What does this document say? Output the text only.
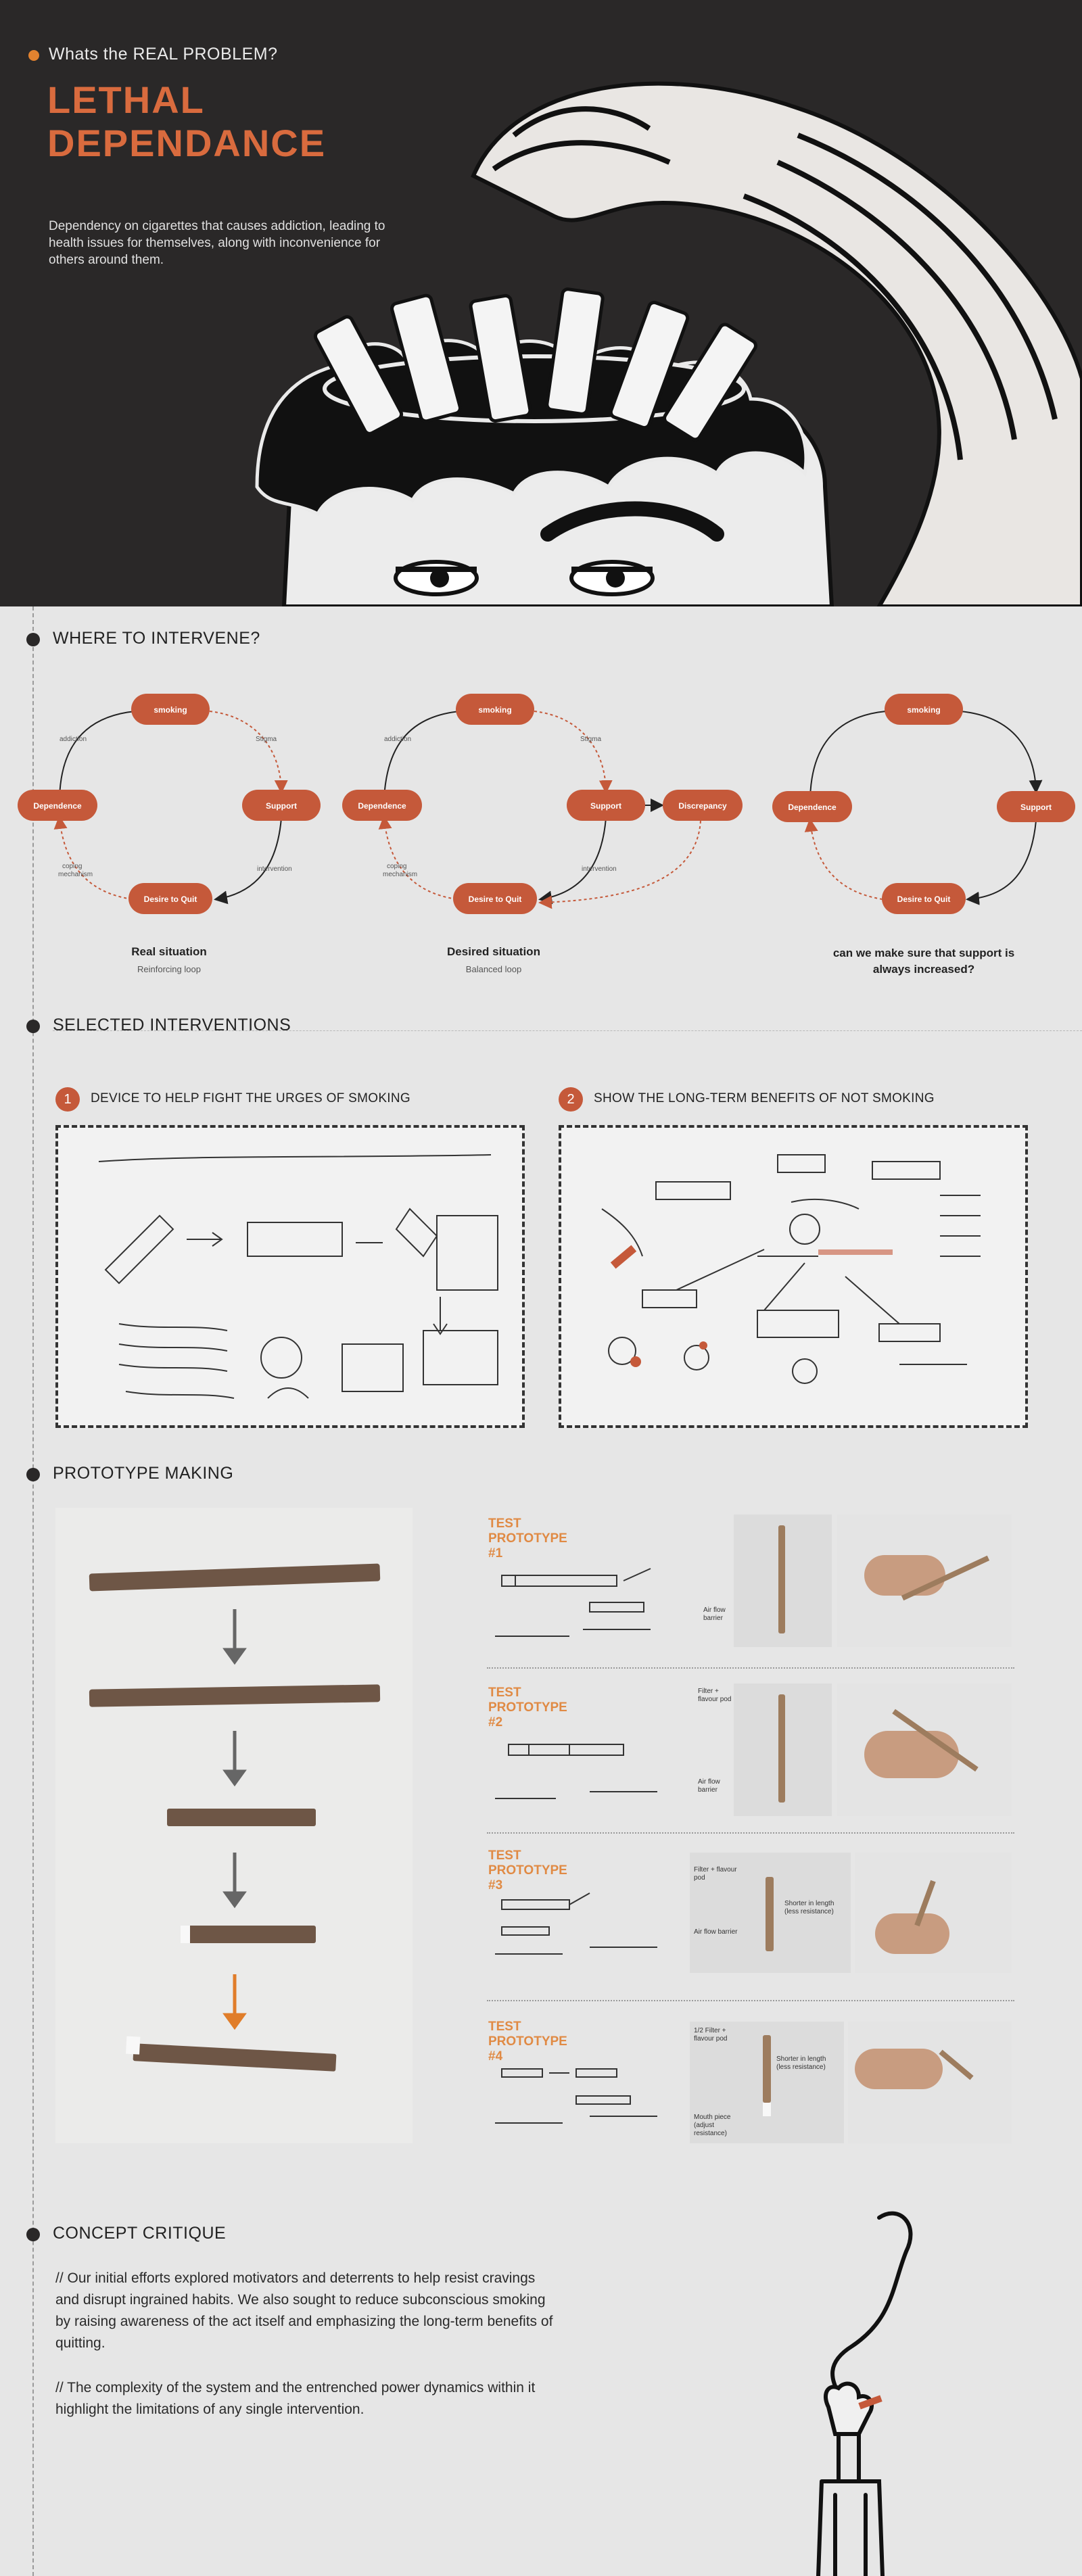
Whats the REAL PROBLEM?
LETHAL DEPENDANCE
Dependency on cigarettes that causes addiction, leading to health issues for themselves, along with inconvenience for others around them.
WHERE TO INTERVENE?
smoking
Dependence	Support
Desire to Quit
addiction	Stigma
coping
mechanism
intervention
smoking
Dependence	Support	Discrepancy
Desire to Quit
addiction	Stigma
coping
mechanism
intervention
smoking
Dependence	Support
Desire to Quit
Real situation
Reinforcing loop
Desired situation
Balanced loop
can we make sure that support is always increased?
SELECTED INTERVENTIONS
1	DEVICE TO HELP FIGHT THE URGES OF SMOKING	2	SHOW THE LONG-TERM BENEFITS OF NOT SMOKING
PROTOTYPE MAKING
TEST PROTOTYPE #1
Air flow barrier
TEST PROTOTYPE #2
Filter + flavour pod
Air flow barrier
TEST PROTOTYPE #3
Filter + flavour pod
Air flow barrier
Shorter in length (less resistance)
TEST PROTOTYPE #4
1/2 Filter + flavour pod
Mouth piece (adjust resistance)
Shorter in length (less resistance)
CONCEPT CRITIQUE
// Our initial efforts explored motivators and deterrents to help resist cravings and disrupt ingrained habits. We also sought to reduce subconscious smoking by raising awareness of the act itself and emphasizing the long-term benefits of quitting.
// The complexity of the system and the entrenched power dynamics within it highlight the limitations of any single intervention.
